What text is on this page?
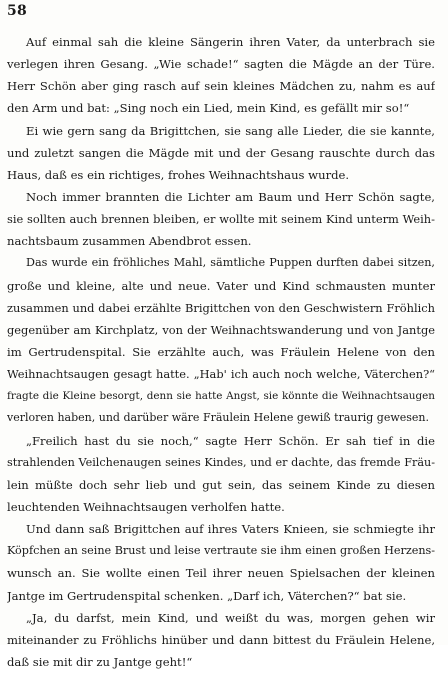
58
Auf einmal sah die kleine Sängerin ihren Vater, da unterbrach sie
verlegen ihren Gesang. „Wie schade!“ sagten die Mägde an der Türe.
Herr Schön aber ging rasch auf sein kleines Mädchen zu, nahm es auf
den Arm und bat: „Sing noch ein Lied, mein Kind, es gefällt mir so!“
Ei wie gern sang da Brigittchen, sie sang alle Lieder, die sie kannte,
und zuletzt sangen die Mägde mit und der Gesang rauschte durch das
Haus, daß es ein richtiges, frohes Weihnachtshaus wurde.
Noch immer brannten die Lichter am Baum und Herr Schön sagte,
sie sollten auch brennen bleiben, er wollte mit seinem Kind unterm Weih-
nachtsbaum zusammen Abendbrot essen.
Das wurde ein fröhliches Mahl, sämtliche Puppen durften dabei sitzen,
große und kleine, alte und neue. Vater und Kind schmausten munter
zusammen und dabei erzählte Brigittchen von den Geschwistern Fröhlich
gegenüber am Kirchplatz, von der Weihnachtswanderung und von Jantge
im Gertrudenspital. Sie erzählte auch, was Fräulein Helene von den
Weihnachtsaugen gesagt hatte. „Hab' ich auch noch welche, Väterchen?“
fragte die Kleine besorgt, denn sie hatte Angst, sie könnte die Weihnachtsaugen
verloren haben, und darüber wäre Fräulein Helene gewiß traurig gewesen.
„Freilich hast du sie noch,“ sagte Herr Schön. Er sah tief in die
strahlenden Veilchenaugen seines Kindes, und er dachte, das fremde Fräu-
lein müßte doch sehr lieb und gut sein, das seinem Kinde zu diesen
leuchtenden Weihnachtsaugen verholfen hatte.
Und dann saß Brigittchen auf ihres Vaters Knieen, sie schmiegte ihr
Köpfchen an seine Brust und leise vertraute sie ihm einen großen Herzens-
wunsch an. Sie wollte einen Teil ihrer neuen Spielsachen der kleinen
Jantge im Gertrudenspital schenken. „Darf ich, Väterchen?“ bat sie.
„Ja, du darfst, mein Kind, und weißt du was, morgen gehen wir
miteinander zu Fröhlichs hinüber und dann bittest du Fräulein Helene,
daß sie mit dir zu Jantge geht!“
